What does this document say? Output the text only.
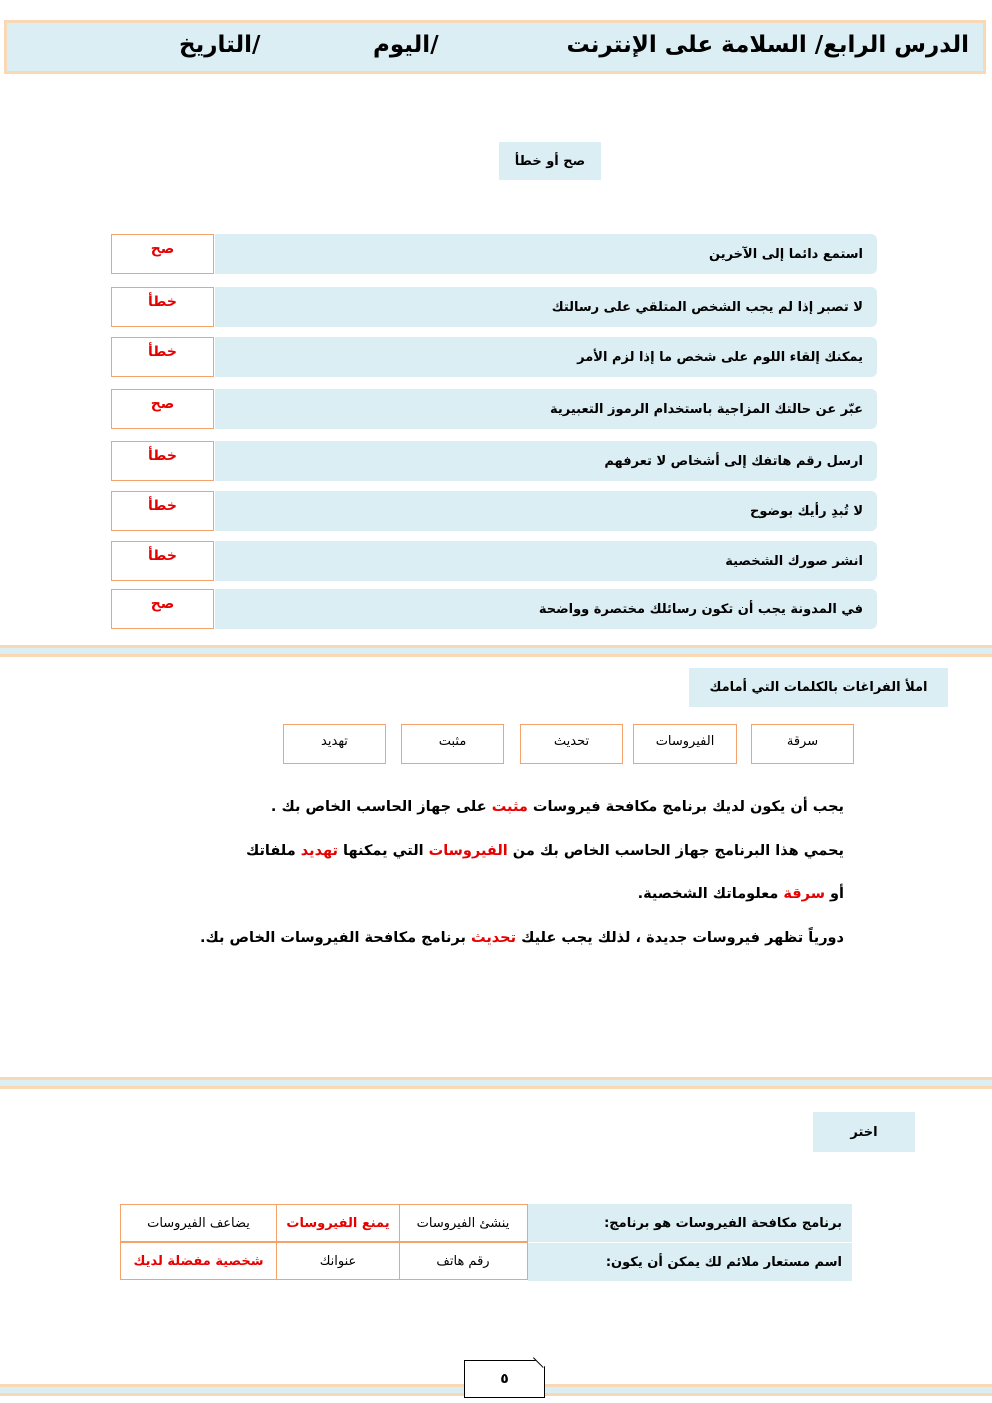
الدرس الرابع/ السلامة على الإنترنت
اليوم/
التاريخ/
صح أو خطأ
استمع دائما إلى الآخرين
صح
لا تصبر إذا لم يجب الشخص المتلقي على رسالتك
خطأ
يمكنك إلقاء اللوم على شخص ما إذا لزم الأمر
خطأ
عبّر عن حالتك المزاجية باستخدام الرموز التعبيرية
صح
ارسل رقم هاتفك إلى أشخاص لا تعرفهم
خطأ
لا تُبدِ رأيك بوضوح
خطأ
انشر صورك الشخصية
خطأ
في المدونة يجب أن تكون رسائلك مختصرة وواضحة
صح
املأ الفراغات بالكلمات التي أمامك
سرقة
الفيروسات
تحديث
مثبت
تهديد
يجب أن يكون لديك برنامج مكافحة فيروسات مثبت على جهاز الحاسب الخاص بك .
يحمي هذا البرنامج جهاز الحاسب الخاص بك من الفيروسات التي يمكنها تهديد ملفاتك
أو سرقة معلوماتك الشخصية.
دورياً تظهر فيروسات جديدة ، لذلك يجب عليك تحديث برنامج مكافحة الفيروسات الخاص بك.
اختر
برنامج مكافحة الفيروسات هو برنامج:
ينشئ الفيروسات
يمنع الفيروسات
يضاعف الفيروسات
اسم مستعار ملائم لك يمكن أن يكون:
رقم هاتف
عنوانك
شخصية مفضلة لديك
٥
